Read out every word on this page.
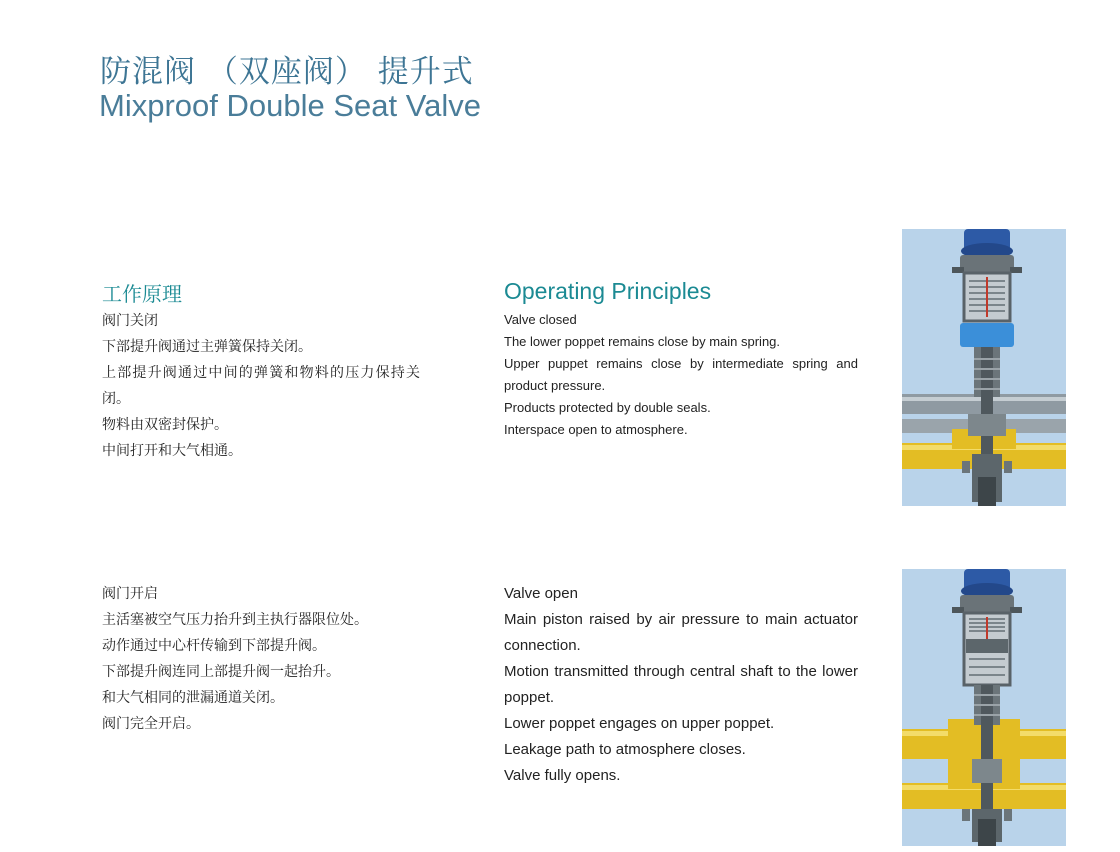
防混阀 （双座阀） 提升式
Mixproof Double Seat Valve
工作原理	Operating Principles
阀门关闭
下部提升阀通过主弹簧保持关闭。
上部提升阀通过中间的弹簧和物料的压力保持关
闭。
物料由双密封保护。
中间打开和大气相通。
Valve closed
The lower poppet remains close by main spring.
Upper puppet remains close by intermediate spring and
product pressure.
Products protected by double seals.
Interspace open to atmosphere.
阀门开启
主活塞被空气压力抬升到主执行器限位处。
动作通过中心杆传输到下部提升阀。
下部提升阀连同上部提升阀一起抬升。
和大气相同的泄漏通道关闭。
阀门完全开启。
Valve open
Main piston raised by air pressure to main actuator
connection.
Motion transmitted through central shaft to the lower
poppet.
Lower poppet engages on upper poppet.
Leakage path to atmosphere closes.
Valve fully opens.
